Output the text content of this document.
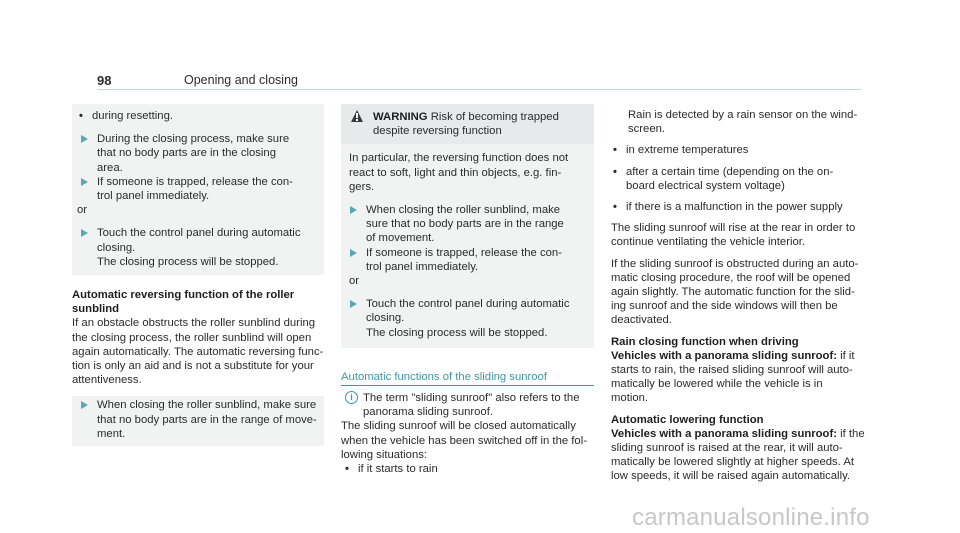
98	Opening and closing
• during resetting.

During the closing process, make sure

that no body parts are in the closing

area.

If someone is trapped, release the con-

trol panel immediately.

or

Touch the control panel during automatic

closing.

The closing process will be stopped.

Automatic reversing function of the roller sunblind

If an obstacle obstructs the roller sunblind during

the closing process, the roller sunblind will open

again automatically. The automatic reversing func-

tion is only an aid and is not a substitute for your

attentiveness.

When closing the roller sunblind, make sure

that no body parts are in the range of move-

ment.

WARNING Risk of becoming trapped

despite reversing function

In particular, the reversing function does not

react to soft, light and thin objects, e.g. fin-

gers.

When closing the roller sunblind, make

sure that no body parts are in the range

of movement.

If someone is trapped, release the con-

trol panel immediately.

or

Touch the control panel during automatic

closing.

The closing process will be stopped.

Automatic functions of the sliding sunroof
i The term "sliding sunroof" also refers to the

panorama sliding sunroof.

The sliding sunroof will be closed automatically

when the vehicle has been switched off in the fol-

lowing situations:

• if it starts to rain

Rain is detected by a rain sensor on the wind-

screen.

• in extreme temperatures

• after a certain time (depending on the on-

board electrical system voltage)

• if there is a malfunction in the power supply

The sliding sunroof will rise at the rear in order to

continue ventilating the vehicle interior.

If the sliding sunroof is obstructed during an auto-

matic closing procedure, the roof will be opened

again slightly. The automatic function for the slid-

ing sunroof and the side windows will then be

deactivated.

Rain closing function when driving

Vehicles with a panorama sliding sunroof: if it

starts to rain, the raised sliding sunroof will auto-

matically be lowered while the vehicle is in

motion.

Automatic lowering function

Vehicles with a panorama sliding sunroof: if the

sliding sunroof is raised at the rear, it will auto-

matically be lowered slightly at higher speeds. At

low speeds, it will be raised again automatically.

carmanualsonline.info
